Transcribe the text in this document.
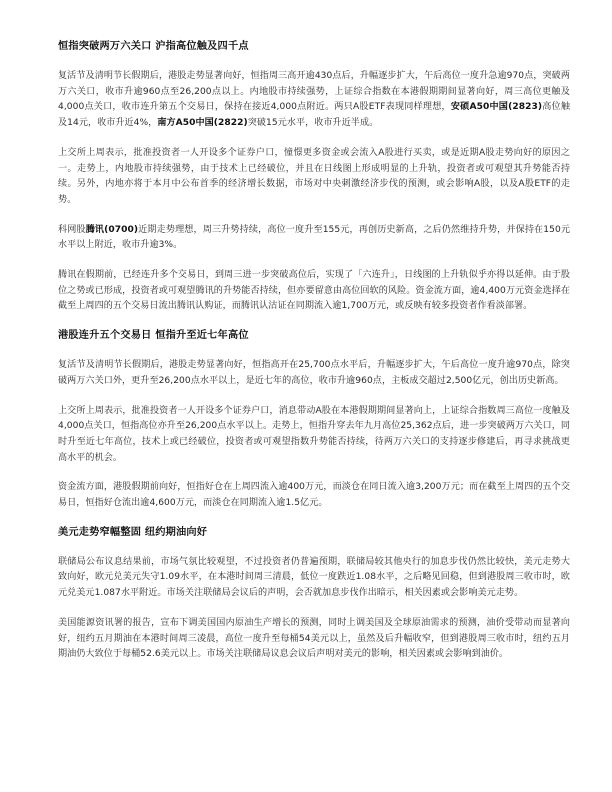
恒指突破两万六关口 沪指高位触及四千点

复活节及清明节长假期后，港股走势显著向好，恒指周三高开逾430点后，升幅逐步扩大，午后高位一度升急逾970点，突破两万六关口，收市升逾960点至26,200点以上。内地股市持续强势，上证综合指数在本港假期期间显著向好，周三高位更触及4,000点关口，收市连升第五个交易日，保持在接近4,000点附近。两只A股ETF表现同样理想，安硕A50中国(2823)高位触及14元，收市升近4%，南方A50中国(2822)突破15元水平，收市升近半成。

上交所上周表示，批准投资者一人开设多个证券户口，憧憬更多资金或会流入A股进行买卖，或是近期A股走势向好的原因之一。走势上，内地股市持续强势，由于技术上已经破位，并且在日线图上形成明显的上升轨，投资者或可观望其升势能否持续。另外，内地亦将于本月中公布首季的经济增长数据，市场对中央刺激经济步伐的预测，或会影响A股，以及A股ETF的走势。

科网股腾讯(0700)近期走势理想，周三升势持续，高位一度升至155元，再创历史新高，之后仍然维持升势，并保持在150元水平以上附近，收市升逾3%。

腾讯在假期前，已经连升多个交易日，到周三进一步突破高位后，实现了「六连升」，日线图的上升轨似乎亦得以延伸。由于股位之势或已形成，投资者或可观望腾讯的升势能否持续，但亦要留意由高位回软的风险。资金流方面，逾4,400万元资金选择在截至上周四的五个交易日流出腾讯认购证，而腾讯认沽证在同期流入逾1,700万元，或反映有较多投资者作看淡部署。

港股连升五个交易日 恒指升至近七年高位

复活节及清明节长假期后，港股走势显著向好，恒指高开在25,700点水平后，升幅逐步扩大，午后高位一度升逾970点，除突破两万六关口外，更升至26,200点水平以上，是近七年的高位，收市升逾960点，主板成交超过2,500亿元，创出历史新高。

上交所上周表示，批准投资者一人开设多个证券户口，消息带动A股在本港假期期间显著向上，上证综合指数周三高位一度触及4,000点关口，恒指高位亦升至26,200点水平以上。走势上，恒指升穿去年九月高位25,362点后，进一步突破两万六关口，同时升至近七年高位，技术上或已经破位，投资者或可观望指数升势能否持续，待两万六关口的支持逐步修建后，再寻求挑战更高水平的机会。

资金流方面，港股假期前向好，恒指好仓在上周四流入逾400万元，而淡仓在同日流入逾3,200万元；而在截至上周四的五个交易日，恒指好仓流出逾4,600万元，而淡仓在同期流入逾1.5亿元。

美元走势窄幅整固 纽约期油向好

联储局公布议息结果前，市场气氛比较观望，不过投资者仍普遍预期，联储局较其他央行的加息步伐仍然比较快，美元走势大致向好，欧元兑美元失守1.09水平，在本港时间周三清晨，低位一度跌近1.08水平，之后略见回稳，但到港股周三收市时，欧元兑美元1.087水平附近。市场关注联储局会议后的声明，会否就加息步伐作出暗示，相关因素或会影响美元走势。

美国能源资讯署的报告，宣布下调美国国内原油生产增长的预测，同时上调美国及全球原油需求的预测，油价受带动而显著向好，纽约五月期油在本港时间周三凌晨，高位一度升至每桶54美元以上，虽然及后升幅收窄，但到港股周三收市时，纽约五月期油仍大致位于每桶52.6美元以上。市场关注联储局议息会议后声明对美元的影响，相关因素或会影响到油价。
